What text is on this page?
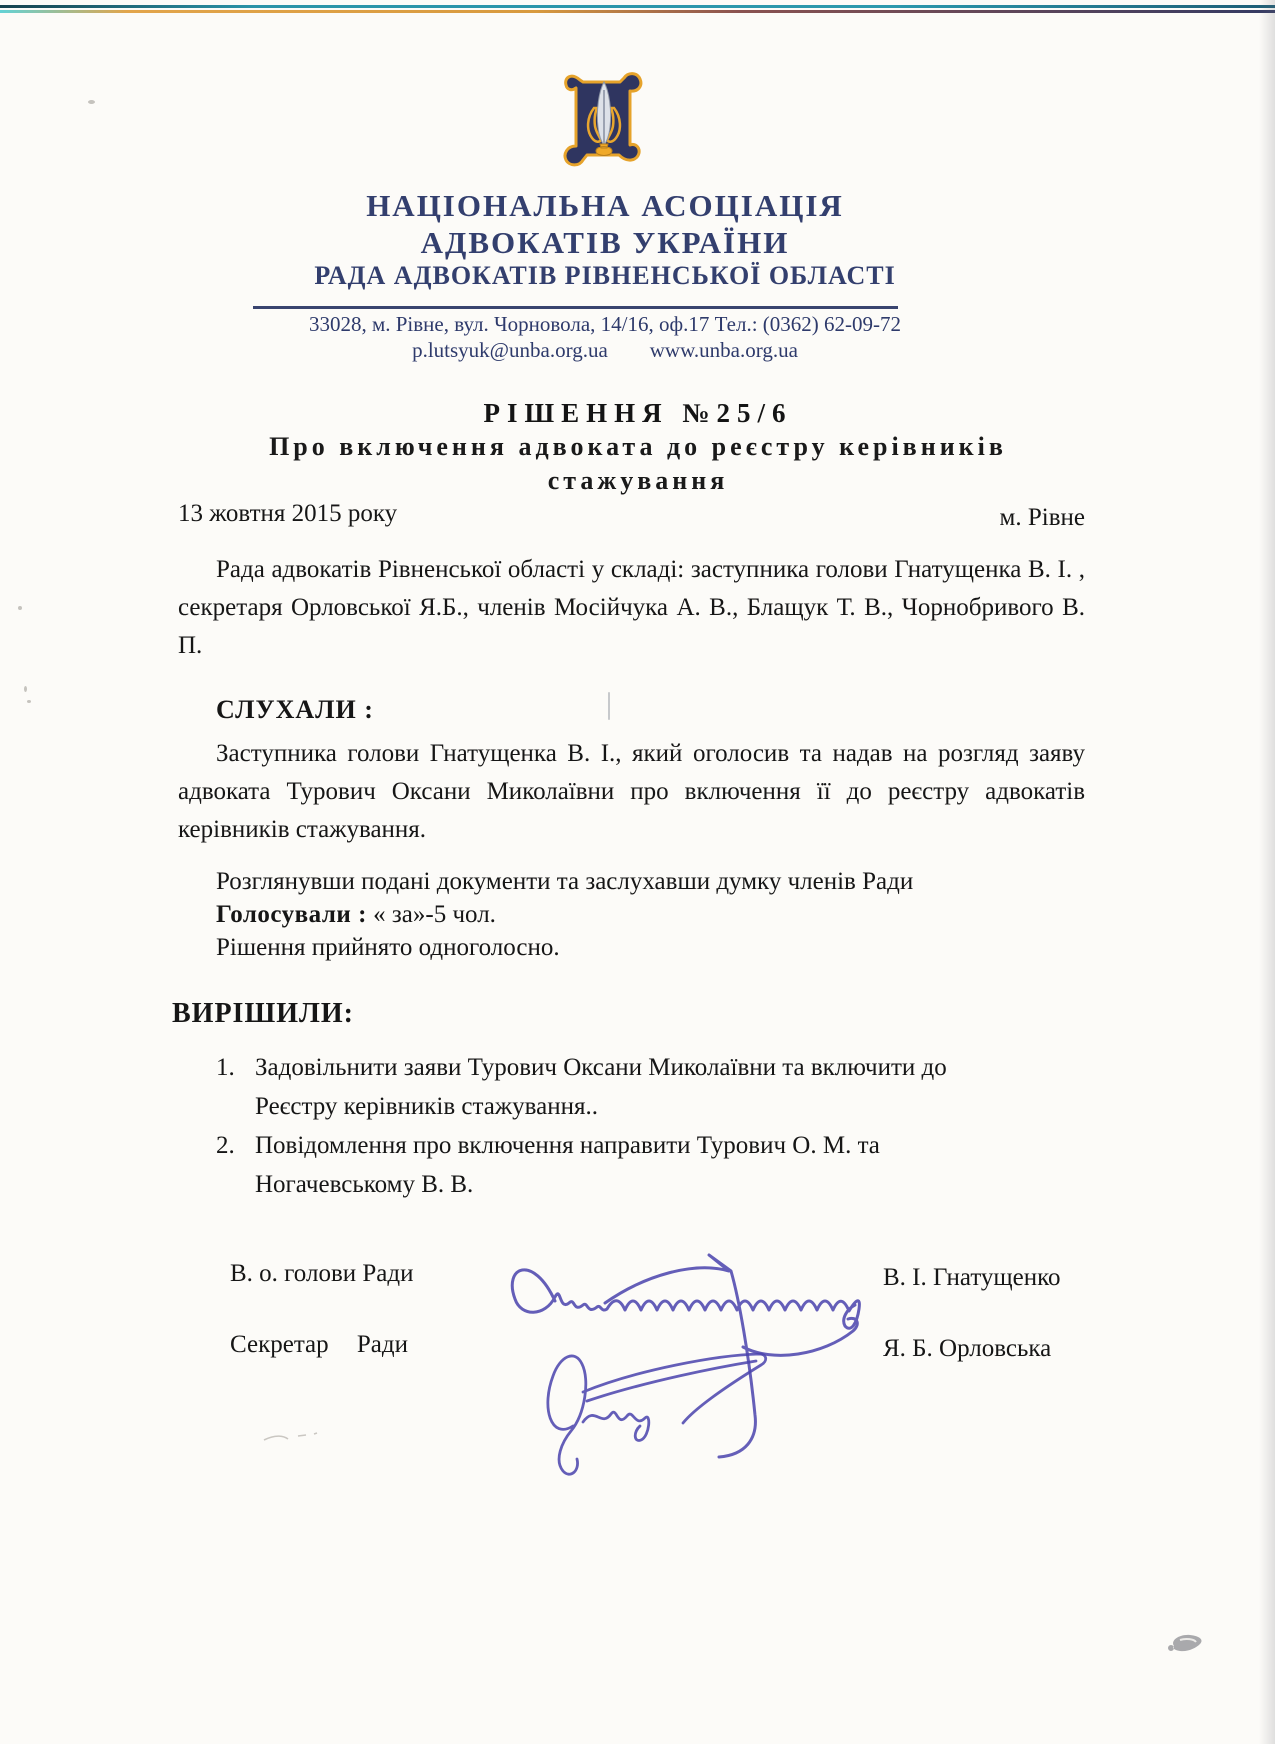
НАЦІОНАЛЬНА АСОЦІАЦІЯ
АДВОКАТІВ УКРАЇНИ
РАДА АДВОКАТІВ РІВНЕНСЬКОЇ ОБЛАСТІ
33028, м. Рівне, вул. Чорновола, 14/16, оф.17 Тел.: (0362) 62-09-72
p.lutsyuk@unba.org.ua www.unba.org.ua
РІШЕННЯ №25/6
Про включення адвоката до реєстру керівників
стажування
13 жовтня 2015 року	м. Рівне

Рада адвокатів Рівненської області у складі: заступника голови Гнатущенка В. І. , секретаря Орловської Я.Б., членів Мосійчука А. В., Блащук Т. В., Чорнобривого В. П.

СЛУХАЛИ :

Заступника голови Гнатущенка В. І., який оголосив та надав на розгляд заяву адвоката Турович Оксани Миколаївни про включення її до реєстру адвокатів керівників стажування.

Розглянувши подані документи та заслухавши думку членів Ради
Голосували : « за»-5 чол.
Рішення прийнято одноголосно.
ВИРІШИЛИ:
1. Задовільнити заяви Турович Оксани Миколаївни та включити до Реєстру керівників стажування..
2. Повідомлення про включення направити Турович О. М. та Ногачевському В. В.
В. о. голови Ради	В. І. Гнатущенко
Секретар Ради	Я. Б. Орловська
